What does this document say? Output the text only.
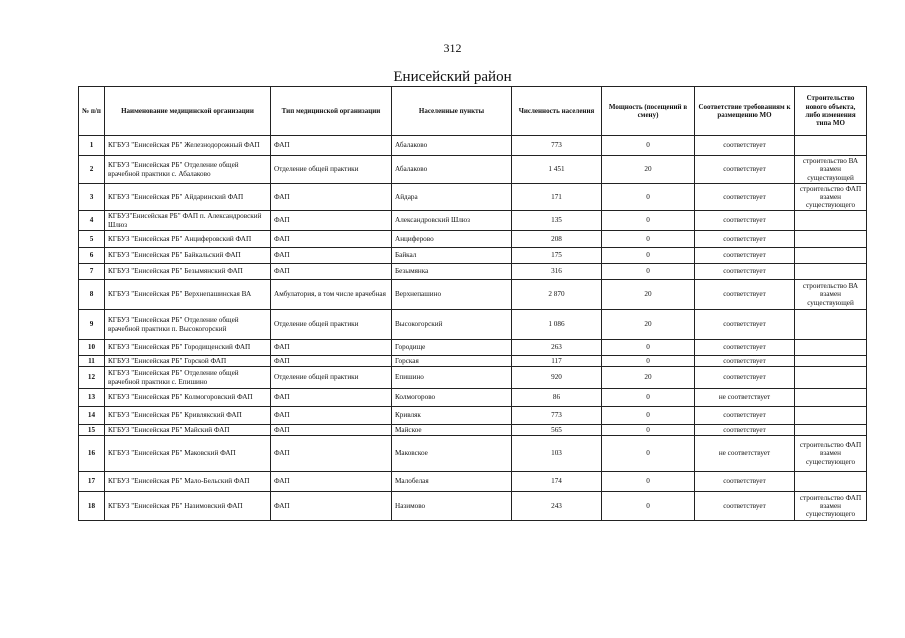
312
Енисейский район
№ п/п	Наименование медицинской организации	Тип медицинской организации	Населенные пункты	Численность населения	Мощность (посещений в смену)	Соответствие требованиям к размещению МО	Строительство нового объекта, либо изменения типа МО
1	КГБУЗ "Енисейская РБ" Железнодорожный ФАП	ФАП	Абалаково	773	0	соответствует	
2	КГБУЗ "Енисейская РБ" Отделение общей врачебной практики с. Абалаково	Отделение общей практики	Абалаково	1 451	20	соответствует	строительство ВА взамен существующей
3	КГБУЗ "Енисейская РБ" Айдаринский ФАП	ФАП	Айдара	171	0	соответствует	строительство ФАП взамен существующего
4	КГБУЗ"Енисейская РБ" ФАП п. Александровский Шлюз	ФАП	Александровский Шлюз	135	0	соответствует	
5	КГБУЗ "Енисейская РБ" Анциферовский ФАП	ФАП	Анциферово	208	0	соответствует	
6	КГБУЗ "Енисейская РБ" Байкальский ФАП	ФАП	Байкал	175	0	соответствует	
7	КГБУЗ "Енисейская РБ" Безымянский ФАП	ФАП	Безымянка	316	0	соответствует	
8	КГБУЗ "Енисейская РБ" Верхнепашинская ВА	Амбулатория, в том числе врачебная	Верхнепашино	2 870	20	соответствует	строительство ВА взамен существующей
9	КГБУЗ "Енисейская РБ" Отделение общей врачебной практики п. Высокогорский	Отделение общей практики	Высокогорский	1 086	20	соответствует	
10	КГБУЗ "Енисейская РБ" Городищенский ФАП	ФАП	Городище	263	0	соответствует	
11	КГБУЗ "Енисейская РБ" Горской ФАП	ФАП	Горская	117	0	соответствует	
12	КГБУЗ "Енисейская РБ" Отделение общей врачебной практики с. Епишино	Отделение общей практики	Епишино	920	20	соответствует	
13	КГБУЗ "Енисейская РБ" Колмогоровский ФАП	ФАП	Колмогорово	86	0	не соответствует	
14	КГБУЗ "Енисейская РБ" Кривлякский ФАП	ФАП	Кривляк	773	0	соответствует	
15	КГБУЗ "Енисейская РБ" Майский ФАП	ФАП	Майское	565	0	соответствует	
16	КГБУЗ "Енисейская РБ" Маковский ФАП	ФАП	Маковское	103	0	не соответствует	строительство ФАП взамен существующего
17	КГБУЗ "Енисейская РБ" Мало-Бельский ФАП	ФАП	Малобелая	174	0	соответствует	
18	КГБУЗ "Енисейская РБ" Назимовский ФАП	ФАП	Назимово	243	0	соответствует	строительство ФАП взамен существующего
